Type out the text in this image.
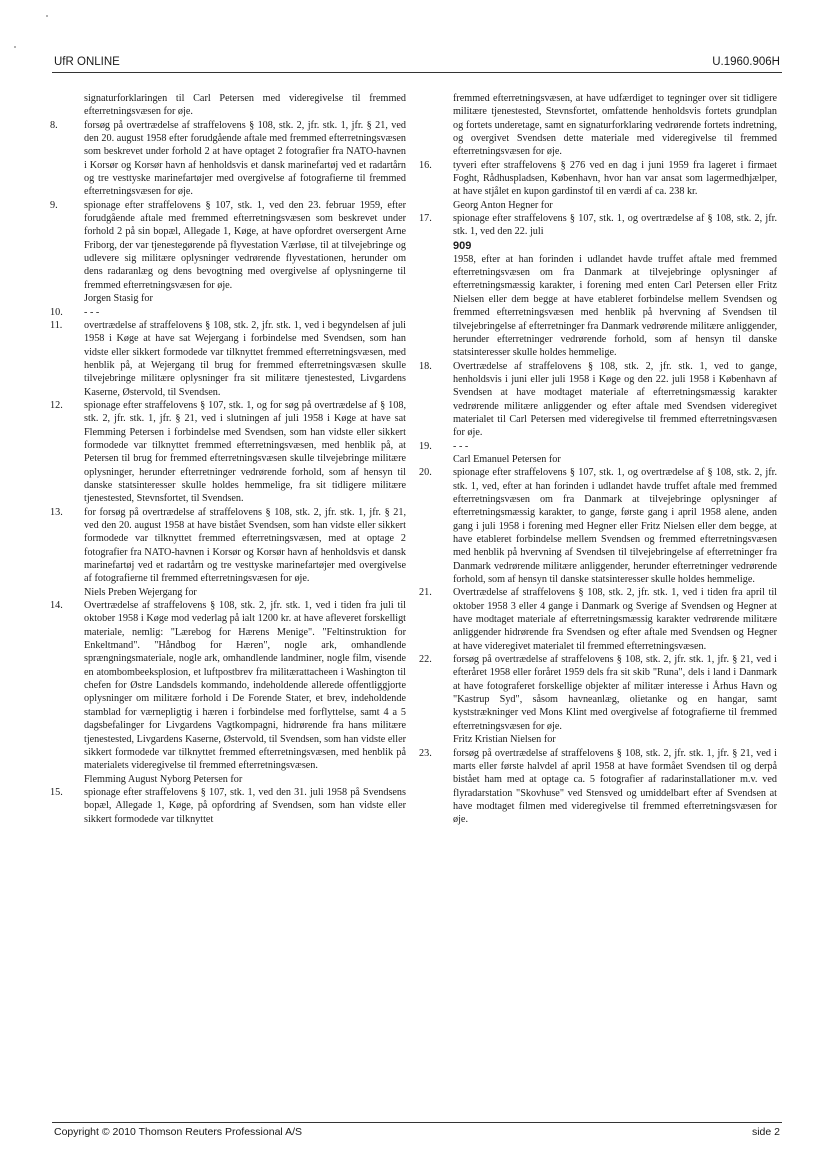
UfR ONLINE	U.1960.906H

signaturforklaringen til Carl Petersen med videregivelse til fremmed efterretningsvæsen for øje.

8.	forsøg på overtrædelse af straffelovens § 108, stk. 2, jfr. stk. 1, jfr. § 21, ved den 20. august 1958 efter forudgående aftale med fremmed efterretningsvæsen som beskrevet under forhold 2 at have optaget 2 fotografier fra NATO-havnen i Korsør og Korsør havn af henholdsvis et dansk marinefartøj ved et radartårn og tre vesttyske marinefartøjer med overgivelse af fotografierne til fremmed efterretningsvæsen for øje.

9.	spionage efter straffelovens § 107, stk. 1, ved den 23. februar 1959, efter forudgående aftale med fremmed efterretningsvæsen som beskrevet under forhold 2 på sin bopæl, Allegade 1, Køge, at have opfordret oversergent Arne Friborg, der var tjenestegørende på flyvestation Værløse, til at tilvejebringe og udlevere sig militære oplysninger vedrørende flyvestationen, herunder om dens radaranlæg og dens bevogtning med overgivelse af oplysningerne til fremmed efterretningsvæsen for øje.

Jorgen Stasig for

10.	- - -

11.	overtrædelse af straffelovens § 108, stk. 2, jfr. stk. 1, ved i begyndelsen af juli 1958 i Køge at have sat Wejergang i forbindelse med Svendsen, som han vidste eller sikkert formodede var tilknyttet fremmed efterretningsvæsen, med henblik på, at Wejergang til brug for fremmed efterretningsvæsen skulle tilvejebringe militære oplysninger fra sit militære tjenestested, Livgardens Kaserne, Østervold, til Svendsen.

12.	spionage efter straffelovens § 107, stk. 1, og for søg på overtrædelse af § 108, stk. 2, jfr. stk. 1, jfr. § 21, ved i slutningen af juli 1958 i Køge at have sat Flemming Petersen i forbindelse med Svendsen, som han vidste eller sikkert formodede var tilknyttet fremmed efterretningsvæsen, med henblik på, at Petersen til brug for fremmed efterretningsvæsen skulle tilvejebringe militære oplysninger, herunder efterretninger vedrørende forhold, som af hensyn til danske statsinteresser skulle holdes hemmelige, fra sit tidligere militære tjenestested, Stevnsfortet, til Svendsen.

13.	for forsøg på overtrædelse af straffelovens § 108, stk. 2, jfr. stk. 1, jfr. § 21, ved den 20. august 1958 at have bistået Svendsen, som han vidste eller sikkert formodede var tilknyttet fremmed efterretningsvæsen, med at optage 2 fotografier fra NATO-havnen i Korsør og Korsør havn af henholdsvis et dansk marinefartøj ved et radartårn og tre vesttyske marinefartøjer med overgivelse af fotografierne til fremmed efterretningsvæsen for øje.

Niels Preben Wejergang for

14.	Overtrædelse af straffelovens § 108, stk. 2, jfr. stk. 1, ved i tiden fra juli til oktober 1958 i Køge mod vederlag på ialt 1200 kr. at have afleveret forskelligt materiale, nemlig: "Lærebog for Hærens Menige". "Feltinstruktion for Enkeltmand". "Håndbog for Hæren", nogle ark, omhandlende sprængningsmateriale, nogle ark, omhandlende landminer, nogle film, visende en atombombeeksplosion, et luftpostbrev fra militærattacheen i Washington til chefen for Østre Landsdels kommando, indeholdende allerede offentliggjorte oplysninger om militære forhold i De Forende Stater, et brev, indeholdende stamblad for værnepligtig i hæren i forbindelse med forflyttelse, samt 4 a 5 dagsbefalinger for Livgardens Vagtkompagni, hidrørende fra hans militære tjenestested, Livgardens Kaserne, Østervold, til Svendsen, som han vidste eller sikkert formodede var tilknyttet fremmed efterretningsvæsen, med henblik på materialets videregivelse til fremmed efterretningsvæsen.

Flemming August Nyborg Petersen for

15.	spionage efter straffelovens § 107, stk. 1, ved den 31. juli 1958 på Svendsens bopæl, Allegade 1, Køge, på opfordring af Svendsen, som han vidste eller sikkert formodede var tilknyttet

fremmed efterretningsvæsen, at have udfærdiget to tegninger over sit tidligere militære tjenestested, Stevnsfortet, omfattende henholdsvis fortets grundplan og fortets underetage, samt en signaturforklaring vedrørende fortets indretning, og overgivet Svendsen dette materiale med videregivelse til fremmed efterretningsvæsen for øje.

16.	tyveri efter straffelovens § 276 ved en dag i juni 1959 fra lageret i firmaet Foght, Rådhuspladsen, København, hvor han var ansat som lagermedhjælper, at have stjålet en kupon gardinstof til en værdi af ca. 238 kr.

Georg Anton Hegner for

17.	spionage efter straffelovens § 107, stk. 1, og overtrædelse af § 108, stk. 2, jfr. stk. 1, ved den 22. juli

909

1958, efter at han forinden i udlandet havde truffet aftale med fremmed efterretningsvæsen om fra Danmark at tilvejebringe oplysninger af efterretningsmæssig karakter, i forening med enten Carl Petersen eller Fritz Nielsen eller dem begge at have etableret forbindelse mellem Svendsen og fremmed efterretningsvæsen med henblik på hvervning af Svendsen til tilvejebringelse af efterretninger fra Danmark vedrørende militære anliggender, herunder efterretninger vedrørende forhold, som af hensyn til danske statsinteresser skulle holdes hemmelige.

18.	Overtrædelse af straffelovens § 108, stk. 2, jfr. stk. 1, ved to gange, henholdsvis i juni eller juli 1958 i Køge og den 22. juli 1958 i København af Svendsen at have modtaget materiale af efterretningsmæssig karakter vedrørende militære anliggender og efter aftale med Svendsen videregivet materialet til Carl Petersen med videregivelse til fremmed efterretningsvæsen for øje.

19.	- - -

Carl Emanuel Petersen for

20.	spionage efter straffelovens § 107, stk. 1, og overtrædelse af § 108, stk. 2, jfr. stk. 1, ved, efter at han forinden i udlandet havde truffet aftale med fremmed efterretningsvæsen om fra Danmark at tilvejebringe oplysninger af efterretningsmæssig karakter, to gange, første gang i april 1958 alene, anden gang i juli 1958 i forening med Hegner eller Fritz Nielsen eller dem begge, at have etableret forbindelse mellem Svendsen og fremmed efterretningsvæsen med henblik på hvervning af Svendsen til tilvejebringelse af efterretninger fra Danmark vedrørende militære anliggender, herunder efterretninger vedrørende forhold, som af hensyn til danske statsinteresser skulle holdes hemmelige.

21.	Overtrædelse af straffelovens § 108, stk. 2, jfr. stk. 1, ved i tiden fra april til oktober 1958 3 eller 4 gange i Danmark og Sverige af Svendsen og Hegner at have modtaget materiale af efterretningsmæssig karakter vedrørende militære anliggender hidrørende fra Svendsen og efter aftale med Svendsen og Hegner at have videregivet materialet til fremmed efterretningsvæsen.

22.	forsøg på overtrædelse af straffelovens § 108, stk. 2, jfr. stk. 1, jfr. § 21, ved i efteråret 1958 eller foråret 1959 dels fra sit skib "Runa", dels i land i Danmark at have fotograferet forskellige objekter af militær interesse i Århus Havn og "Kastrup Syd", såsom havneanlæg, olietanke og en hangar, samt kyststrækninger ved Mons Klint med overgivelse af fotografierne til fremmed efterretningsvæsen for øje.

Fritz Kristian Nielsen for

23.	forsøg på overtrædelse af straffelovens § 108, stk. 2, jfr. stk. 1, jfr. § 21, ved i marts eller første halvdel af april 1958 at have formået Svendsen til og derpå bistået ham med at optage ca. 5 fotografier af radarinstallationer m.v. ved flyradarstation "Skovhuse" ved Stensved og umiddelbart efter af Svendsen at have modtaget filmen med videregivelse til fremmed efterretningsvæsen for øje.

Copyright © 2010 Thomson Reuters Professional A/S	side 2
